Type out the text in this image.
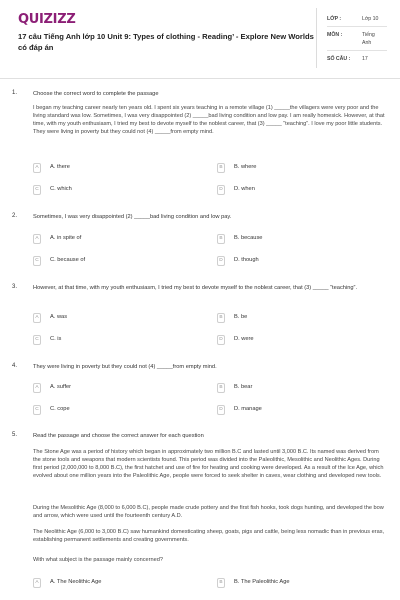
QUIZIZZ
17 câu Tiếng Anh lớp 10 Unit 9: Types of clothing - Reading’ - Explore New Worlds có đáp án
LỚP :	Lớp 10
MÔN :	Tiếng
Anh
SỐ CÂU : 17
1.	Choose the correct word to complete the passage
I began my teaching career nearly ten years old. I spent six years teaching in a remote village (1) _____the villagers were very poor and the living standard was low. Sometimes, I was very disappointed (2) _____bad living condition and low pay. I am really homesick. However, at that time, with my youth enthusiasm, I tried my best to devote myself to the noblest career, that (3) _____ “teaching”. I love my poor little students. They were living in poverty but they could not (4) _____from empty mind.
A	A. there	B	B. where
C	C. which	D	D. when
2.	Sometimes, I was very disappointed (2) _____bad living condition and low pay.
A	A. in spite of	B	B. because
C	C. because of	D	D. though
3.	However, at that time, with my youth enthusiasm, I tried my best to devote myself to the noblest career, that (3) _____ “teaching”.
A	A. was	B	B. be
C	C. is	D	D. were
4.	They were living in poverty but they could not (4) _____from empty mind.
A	A. suffer	B	B. bear
C	C. cope	D	D. manage
5.	Read the passage and choose the correct answer for each question
The Stone Age was a period of history which began in approximately two million B.C and lasted until 3,000 B.C. Its named was derived from the stone tools and weapons that modern scientists found. This period was divided into the Paleolithic, Mesolithic and Neolithic Ages. During first period (2,000,000 to 8,000 B.C), the first hatchet and use of fire for heating and cooking were developed. As a result of the Ice Age, which evolved about one million years into the Paleolithic Age, people were forced to seek shelter in caves, wear clothing and developed new tools.
During the Mesolithic Age (8,000 to 6,000 B.C), people made crude pottery and the first fish hooks, took dogs hunting, and developed the bow and arrow, which were used until the fourteenth century A.D.
The Neolithic Age (6,000 to 3,000 B.C) saw humankind domesticating sheep, goats, pigs and cattle, being less nomadic than in previous eras, establishing permanent settlements and creating governments.
With what subject is the passage mainly concerned?
A	A. The Neolithic Age	B	B. The Paleolithic Age
